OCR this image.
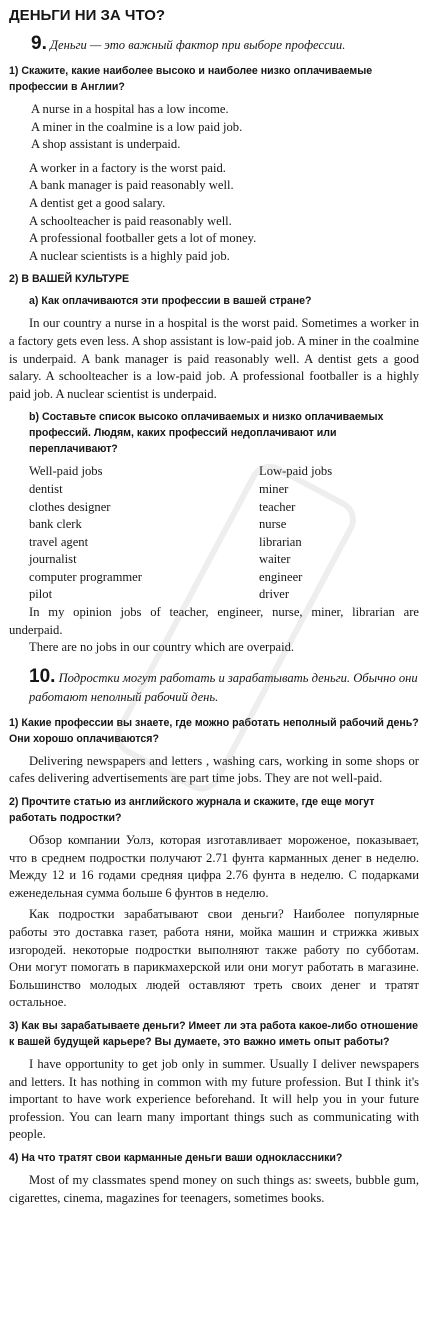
ДЕНЬГИ НИ ЗА ЧТО?
9. Деньги — это важный фактор при выборе профессии.
1) Скажите, какие наиболее высоко и наиболее низко оплачиваемые профессии в Англии?
A nurse in a hospital has a low income.
A miner in the coalmine is a low paid job.
A shop assistant is underpaid.
A worker in a factory is the worst paid.
A bank manager is paid reasonably well.
A dentist get a good salary.
A schoolteacher is paid reasonably well.
A professional footballer gets a lot of money.
A nuclear scientists is a highly paid job.
2) В ВАШЕЙ КУЛЬТУРЕ
а) Как оплачиваются эти профессии в вашей стране?

In our country a nurse in a hospital is the worst paid. Sometimes a worker in a factory gets even less. A shop assistant is low-paid job. A miner in the coalmine is underpaid. A bank manager is paid reasonably well. A dentist gets a good salary. A schoolteacher is a low-paid job. A professional footballer is a highly paid job. A nuclear scientist is underpaid.

b) Составьте список высоко оплачиваемых и низко оплачиваемых профессий. Людям, каких профессий недоплачивают или переплачивают?
Well-paid jobs
dentist
clothes designer
bank clerk
travel agent
journalist
computer programmer
pilot
Low-paid jobs
miner
teacher
nurse
librarian
waiter
engineer
driver

In my opinion jobs of teacher, engineer, nurse, miner, librarian are underpaid.

There are no jobs in our country which are overpaid.

10. Подростки могут работать и зарабатывать деньги. Обычно они работают неполный рабочий день.
1) Какие профессии вы знаете, где можно работать неполный рабочий день? Они хорошо оплачиваются?

Delivering newspapers and letters , washing cars, working in some shops or cafes delivering advertisements are part time jobs. They are not well-paid.

2) Прочтите статью из английского журнала и скажите, где еще могут работать подростки?

Обзор компании Уолз, которая изготавливает мороженое, показывает, что в среднем подростки получают 2.71 фунта карманных денег в неделю. Между 12 и 16 годами средняя цифра 2.76 фунта в неделю. С подарками еженедельная сумма больше 6 фунтов в неделю.

Как подростки зарабатывают свои деньги? Наиболее популярные работы это доставка газет, работа няни, мойка машин и стрижка живых изгородей. некоторые подростки выполняют также работу по субботам. Они могут помогать в парикмахерской или они могут работать в магазине. Большинство молодых людей оставляют треть своих денег и тратят остальное.

3) Как вы зарабатываете деньги? Имеет ли эта работа какое-либо отношение к вашей будущей карьере? Вы думаете, это важно иметь опыт работы?

I have opportunity to get job only in summer. Usually I deliver newspapers and letters. It has nothing in common with my future profession. But I think it's important to have work experience beforehand. It will help you in your future profession. You can learn many important things such as communicating with people.

4) На что тратят свои карманные деньги ваши одноклассники?

Most of my classmates spend money on such things as: sweets, bubble gum, cigarettes, cinema, magazines for teenagers, sometimes books.
